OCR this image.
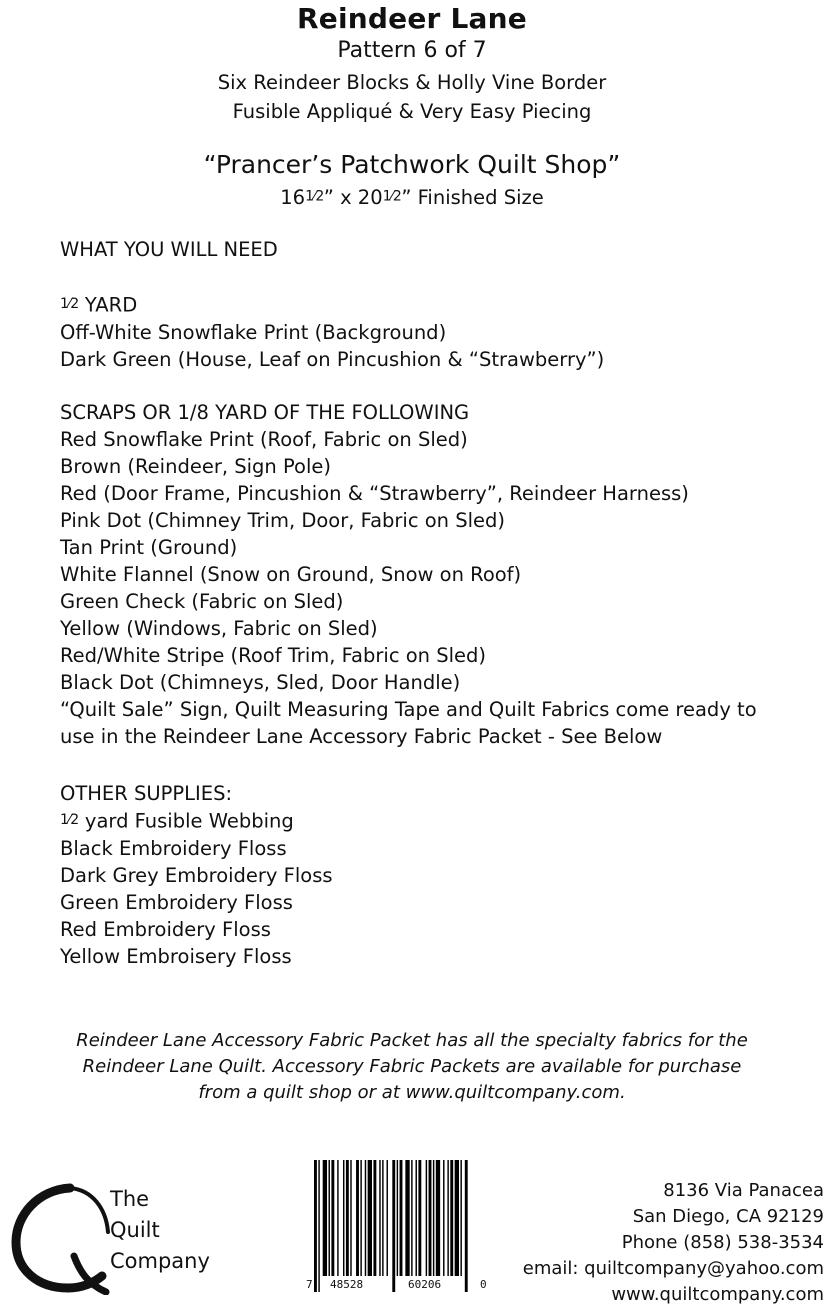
Reindeer Lane
Pattern 6 of 7
Six Reindeer Blocks & Holly Vine Border
Fusible Appliqué & Very Easy Piecing
“Prancer’s Patchwork Quilt Shop”
161⁄2” x 201⁄2” Finished Size
WHAT YOU WILL NEED
1⁄2 YARD
Off-White Snowflake Print (Background)
Dark Green (House, Leaf on Pincushion & “Strawberry”)
SCRAPS OR 1/8 YARD OF THE FOLLOWING
Red Snowflake Print (Roof, Fabric on Sled)
Brown (Reindeer, Sign Pole)
Red (Door Frame, Pincushion & “Strawberry”, Reindeer Harness)
Pink Dot (Chimney Trim, Door, Fabric on Sled)
Tan Print (Ground)
White Flannel (Snow on Ground, Snow on Roof)
Green Check (Fabric on Sled)
Yellow (Windows, Fabric on Sled)
Red/White Stripe (Roof Trim, Fabric on Sled)
Black Dot (Chimneys, Sled, Door Handle)
“Quilt Sale” Sign, Quilt Measuring Tape and Quilt Fabrics come ready to
use in the Reindeer Lane Accessory Fabric Packet - See Below
OTHER SUPPLIES:
1⁄2 yard Fusible Webbing
Black Embroidery Floss
Dark Grey Embroidery Floss
Green Embroidery Floss
Red Embroidery Floss
Yellow Embroisery Floss
Reindeer Lane Accessory Fabric Packet has all the specialty fabrics for the
Reindeer Lane Quilt. Accessory Fabric Packets are available for purchase
from a quilt shop or at www.quiltcompany.com.
The
Quilt
Company
7 48528	60206	0
8136 Via Panacea
San Diego, CA 92129
Phone (858) 538-3534
email: quiltcompany@yahoo.com
www.quiltcompany.com
